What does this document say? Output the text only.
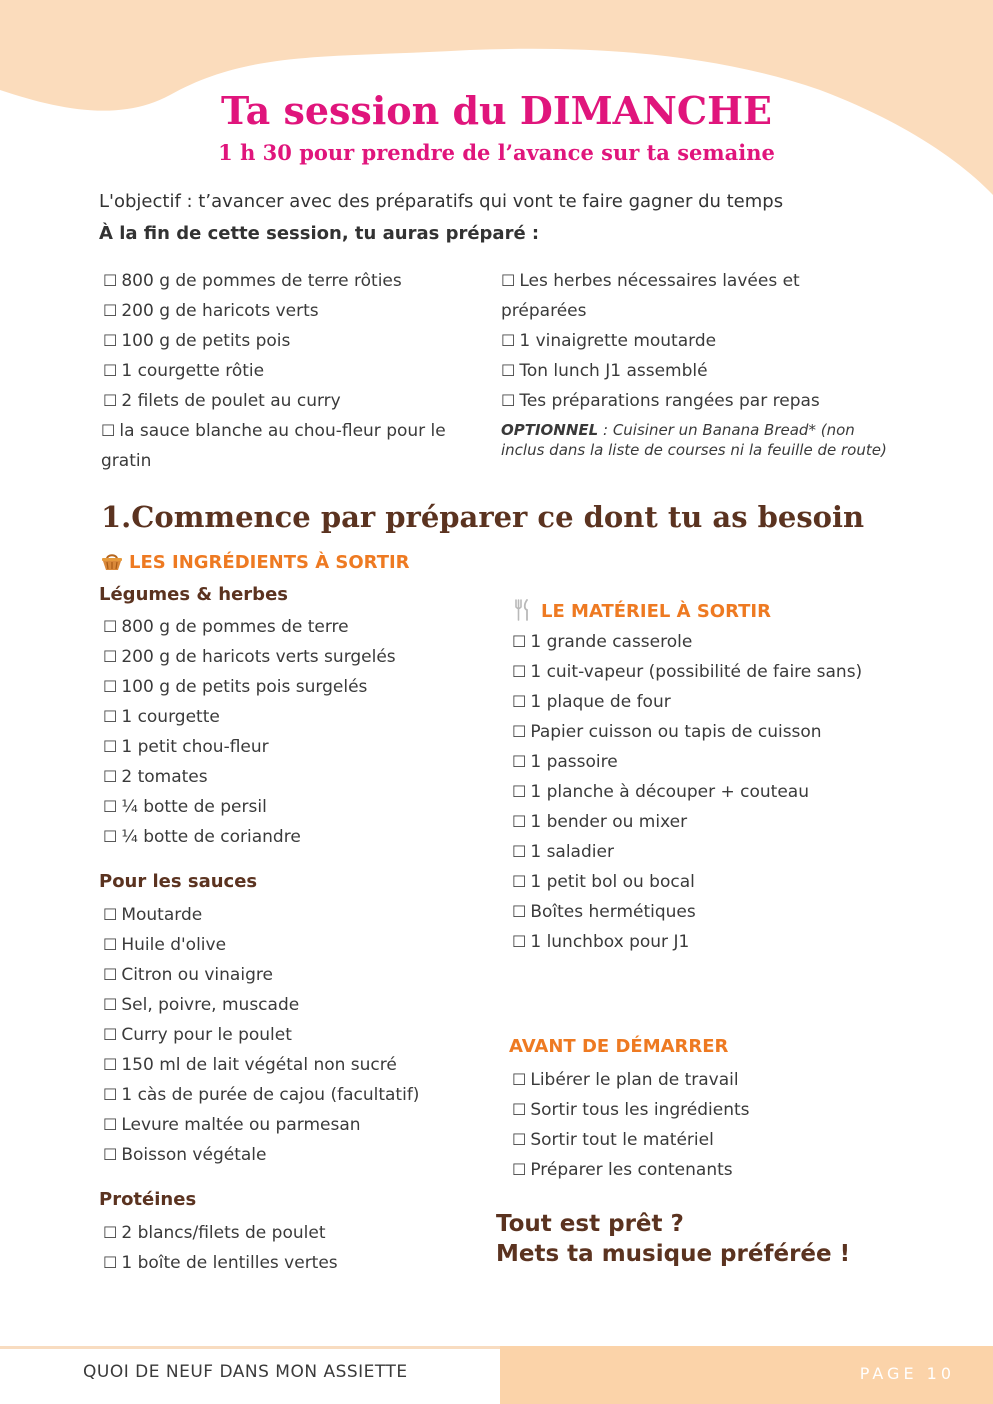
Ta session du DIMANCHE
1 h 30 pour prendre de l’avance sur ta semaine
L'objectif : t’avancer avec des préparatifs qui vont te faire gagner du temps
À la fin de cette session, tu auras préparé :
☐ 800 g de pommes de terre rôties
☐ 200 g de haricots verts
☐ 100 g de petits pois
☐ 1 courgette rôtie
☐ 2 filets de poulet au curry
☐ la sauce blanche au chou-fleur pour le gratin
☐ Les herbes nécessaires lavées et préparées
☐ 1 vinaigrette moutarde
☐ Ton lunch J1 assemblé
☐ Tes préparations rangées par repas
OPTIONNEL : Cuisiner un Banana Bread* (non inclus dans la liste de courses ni la feuille de route)
1.Commence par préparer ce dont tu as besoin
LES INGRÉDIENTS À SORTIR
Légumes & herbes
☐ 800 g de pommes de terre
☐ 200 g de haricots verts surgelés
☐ 100 g de petits pois surgelés
☐ 1 courgette
☐ 1 petit chou-fleur
☐ 2 tomates
☐ ¼ botte de persil
☐ ¼ botte de coriandre
Pour les sauces
☐ Moutarde
☐ Huile d'olive
☐ Citron ou vinaigre
☐ Sel, poivre, muscade
☐ Curry pour le poulet
☐ 150 ml de lait végétal non sucré
☐ 1 càs de purée de cajou (facultatif)
☐ Levure maltée ou parmesan
☐ Boisson végétale
Protéines
☐ 2 blancs/filets de poulet
☐ 1 boîte de lentilles vertes
LE MATÉRIEL À SORTIR
☐ 1 grande casserole
☐ 1 cuit-vapeur (possibilité de faire sans)
☐ 1 plaque de four
☐ Papier cuisson ou tapis de cuisson
☐ 1 passoire
☐ 1 planche à découper + couteau
☐ 1 bender ou mixer
☐ 1 saladier
☐ 1 petit bol ou bocal
☐ Boîtes hermétiques
☐ 1 lunchbox pour J1
AVANT DE DÉMARRER
☐ Libérer le plan de travail
☐ Sortir tous les ingrédients
☐ Sortir tout le matériel
☐ Préparer les contenants
Tout est prêt ?
Mets ta musique préférée !
QUOI DE NEUF DANS MON ASSIETTE	PAGE 10
